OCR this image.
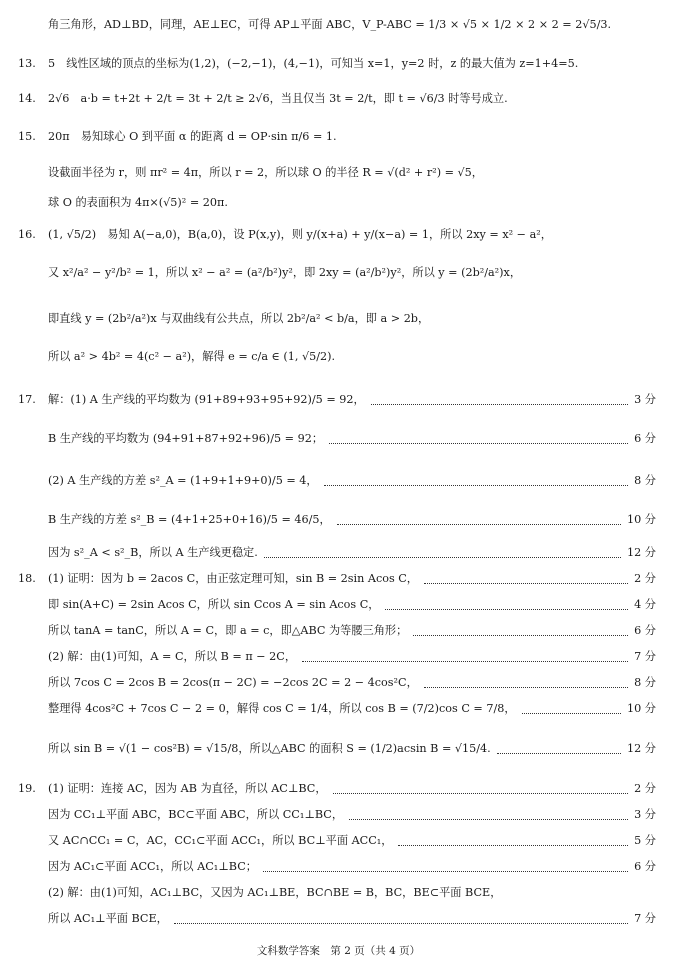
角三角形，AD⊥BD，同理，AE⊥EC，可得 AP⊥平面 ABC，V_P-ABC = 1/3 × √5 × 1/2 × 2 × 2 = 2√5/3.
13. 5　线性区域的顶点的坐标为(1,2)，(−2,−1)，(4,−1)，可知当 x=1，y=2 时，z 的最大值为 z=1+4=5.
14. 2√6　a·b = t+2t + 2/t = 3t + 2/t ≥ 2√6，当且仅当 3t = 2/t，即 t = √6/3 时等号成立.
15. 20π　易知球心 O 到平面 α 的距离 d = OP·sin π/6 = 1.
设截面半径为 r，则 πr² = 4π，所以 r = 2，所以球 O 的半径 R = √(d² + r²) = √5，
球 O 的表面积为 4π×(√5)² = 20π.
16. (1, √5/2)　易知 A(−a,0)，B(a,0)，设 P(x,y)，则 y/(x+a) + y/(x−a) = 1，所以 2xy = x² − a²，
又 x²/a² − y²/b² = 1，所以 x² − a² = (a²/b²)y²，即 2xy = (a²/b²)y²，所以 y = (2b²/a²)x，
即直线 y = (2b²/a²)x 与双曲线有公共点，所以 2b²/a² < b/a，即 a > 2b，
所以 a² > 4b² = 4(c² − a²)，解得 e = c/a ∈ (1, √5/2).
17. 解：(1) A 生产线的平均数为 (91+89+93+95+92)/5 = 92，	3 分
B 生产线的平均数为 (94+91+87+92+96)/5 = 92；	6 分
(2) A 生产线的方差 s²_A = (1+9+1+9+0)/5 = 4，	8 分
B 生产线的方差 s²_B = (4+1+25+0+16)/5 = 46/5，	10 分
因为 s²_A < s²_B，所以 A 生产线更稳定.	12 分
18. (1) 证明：因为 b = 2acos C，由正弦定理可知，sin B = 2sin Acos C，	2 分
即 sin(A+C) = 2sin Acos C，所以 sin Ccos A = sin Acos C，	4 分
所以 tanA = tanC，所以 A = C，即 a = c，即△ABC 为等腰三角形；	6 分
(2) 解：由(1)可知，A = C，所以 B = π − 2C，	7 分
所以 7cos C = 2cos B = 2cos(π − 2C) = −2cos 2C = 2 − 4cos²C，	8 分
整理得 4cos²C + 7cos C − 2 = 0，解得 cos C = 1/4，所以 cos B = (7/2)cos C = 7/8，	10 分
所以 sin B = √(1 − cos²B) = √15/8，所以△ABC 的面积 S = (1/2)acsin B = √15/4.	12 分
19. (1) 证明：连接 AC，因为 AB 为直径，所以 AC⊥BC，	2 分
因为 CC₁⊥平面 ABC，BC⊂平面 ABC，所以 CC₁⊥BC，	3 分
又 AC∩CC₁ = C，AC，CC₁⊂平面 ACC₁，所以 BC⊥平面 ACC₁，	5 分
因为 AC₁⊂平面 ACC₁，所以 AC₁⊥BC；	6 分
(2) 解：由(1)可知，AC₁⊥BC，又因为 AC₁⊥BE，BC∩BE = B，BC，BE⊂平面 BCE，
所以 AC₁⊥平面 BCE，	7 分
文科数学答案　第 2 页（共 4 页）
